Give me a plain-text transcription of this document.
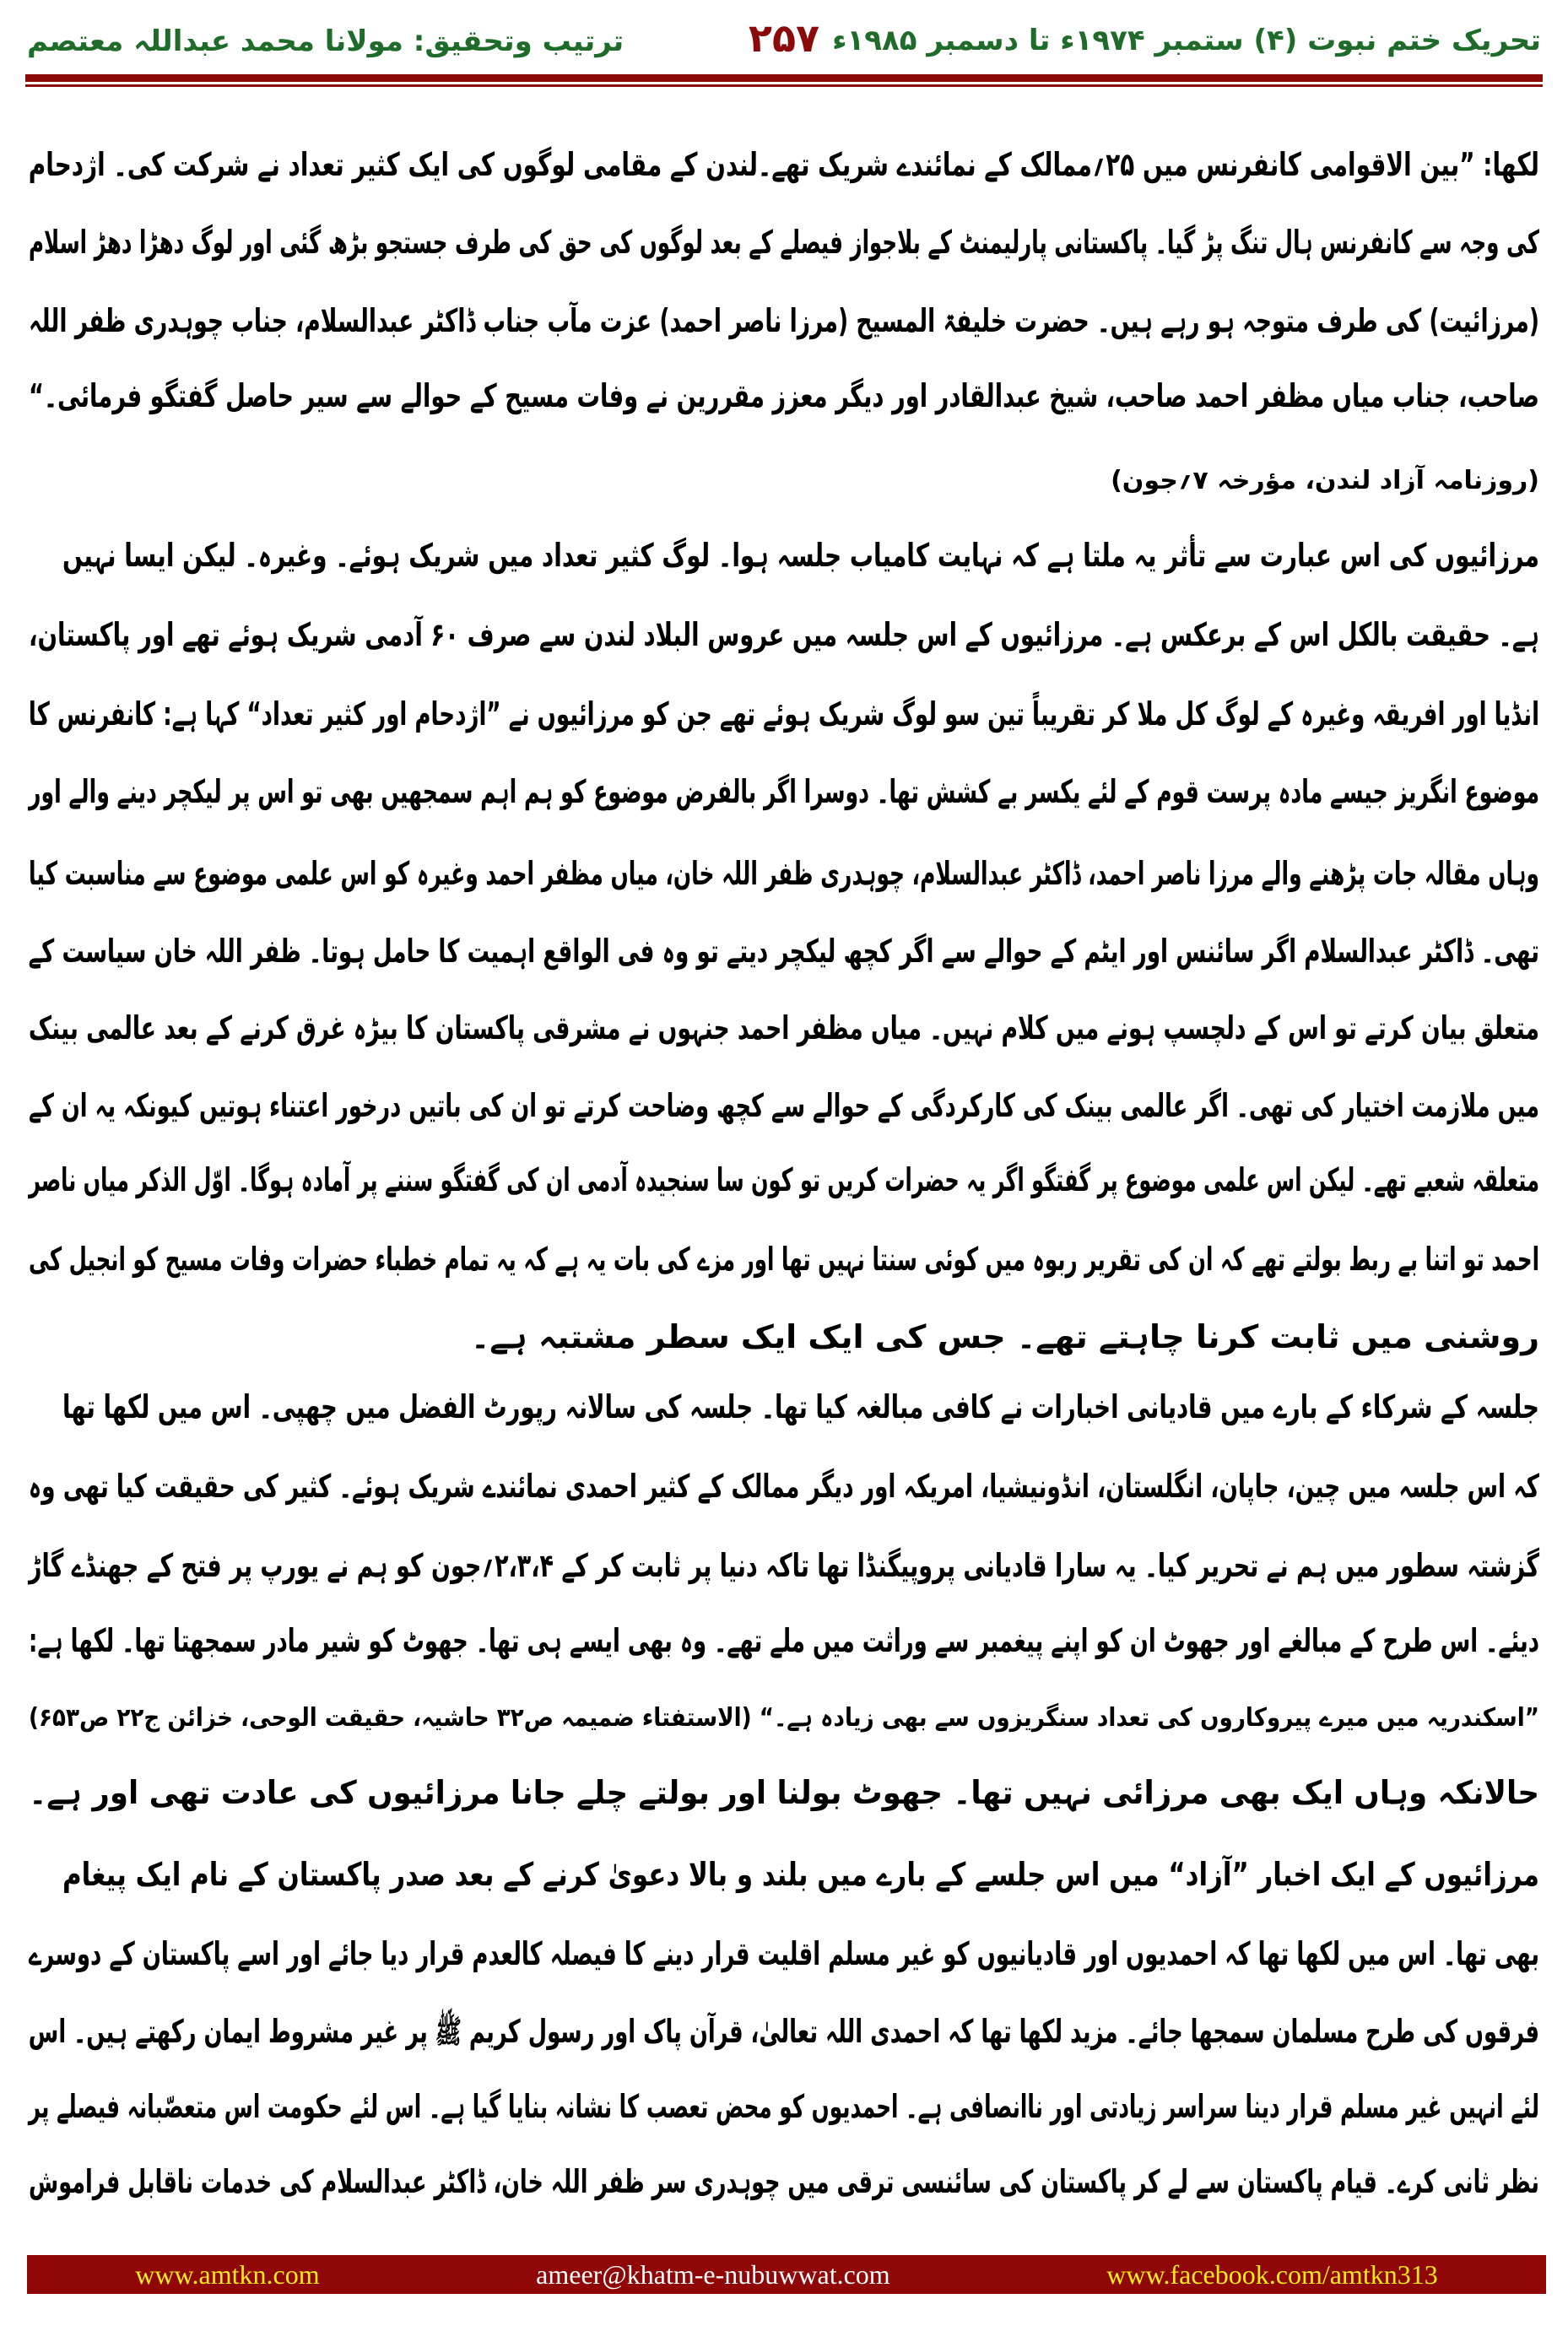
تحریک ختم نبوت (۴) ستمبر ۱۹۷۴ء تا دسمبر ۱۹۸۵ء
۲۵۷
ترتیب وتحقیق: مولانا محمد عبداللہ معتصم
لکھا: ”بین الاقوامی کانفرنس میں ۲۵؍ممالک کے نمائندے شریک تھے۔لندن کے مقامی لوگوں کی ایک کثیر تعداد نے شرکت کی۔ اژدحام
کی وجہ سے کانفرنس ہال تنگ پڑ گیا۔ پاکستانی پارلیمنٹ کے بلاجواز فیصلے کے بعد لوگوں کی حق کی طرف جستجو بڑھ گئی اور لوگ دھڑا دھڑ اسلام
(مرزائیت) کی طرف متوجہ ہو رہے ہیں۔ حضرت خلیفۃ المسیح (مرزا ناصر احمد) عزت مآب جناب ڈاکٹر عبدالسلام، جناب چوہدری ظفر اللہ
صاحب، جناب میاں مظفر احمد صاحب، شیخ عبدالقادر اور دیگر معزز مقررین نے وفات مسیح کے حوالے سے سیر حاصل گفتگو فرمائی۔“
(روزنامہ آزاد لندن، مؤرخہ ۷؍جون)
مرزائیوں کی اس عبارت سے تأثر یہ ملتا ہے کہ نہایت کامیاب جلسہ ہوا۔ لوگ کثیر تعداد میں شریک ہوئے۔ وغیرہ۔ لیکن ایسا نہیں
ہے۔ حقیقت بالکل اس کے برعکس ہے۔ مرزائیوں کے اس جلسہ میں عروس البلاد لندن سے صرف ۶۰ آدمی شریک ہوئے تھے اور پاکستان،
انڈیا اور افریقہ وغیرہ کے لوگ کل ملا کر تقریباً تین سو لوگ شریک ہوئے تھے جن کو مرزائیوں نے ”اژدحام اور کثیر تعداد“ کہا ہے: کانفرنس کا
موضوع انگریز جیسے مادہ پرست قوم کے لئے یکسر بے کشش تھا۔ دوسرا اگر بالفرض موضوع کو ہم اہم سمجھیں بھی تو اس پر لیکچر دینے والے اور
وہاں مقالہ جات پڑھنے والے مرزا ناصر احمد، ڈاکٹر عبدالسلام، چوہدری ظفر اللہ خان، میاں مظفر احمد وغیرہ کو اس علمی موضوع سے مناسبت کیا
تھی۔ ڈاکٹر عبدالسلام اگر سائنس اور ایٹم کے حوالے سے اگر کچھ لیکچر دیتے تو وہ فی الواقع اہمیت کا حامل ہوتا۔ ظفر اللہ خان سیاست کے
متعلق بیان کرتے تو اس کے دلچسپ ہونے میں کلام نہیں۔ میاں مظفر احمد جنہوں نے مشرقی پاکستان کا بیڑہ غرق کرنے کے بعد عالمی بینک
میں ملازمت اختیار کی تھی۔ اگر عالمی بینک کی کارکردگی کے حوالے سے کچھ وضاحت کرتے تو ان کی باتیں درخور اعتناء ہوتیں کیونکہ یہ ان کے
متعلقہ شعبے تھے۔ لیکن اس علمی موضوع پر گفتگو اگر یہ حضرات کریں تو کون سا سنجیدہ آدمی ان کی گفتگو سننے پر آمادہ ہوگا۔ اوّل الذکر میاں ناصر
احمد تو اتنا بے ربط بولتے تھے کہ ان کی تقریر ربوہ میں کوئی سنتا نہیں تھا اور مزے کی بات یہ ہے کہ یہ تمام خطباء حضرات وفات مسیح کو انجیل کی
روشنی میں ثابت کرنا چاہتے تھے۔ جس کی ایک ایک سطر مشتبہ ہے۔
جلسہ کے شرکاء کے بارے میں قادیانی اخبارات نے کافی مبالغہ کیا تھا۔ جلسہ کی سالانہ رپورٹ الفضل میں چھپی۔ اس میں لکھا تھا
کہ اس جلسہ میں چین، جاپان، انگلستان، انڈونیشیا، امریکہ اور دیگر ممالک کے کثیر احمدی نمائندے شریک ہوئے۔ کثیر کی حقیقت کیا تھی وہ
گزشتہ سطور میں ہم نے تحریر کیا۔ یہ سارا قادیانی پروپیگنڈا تھا تاکہ دنیا پر ثابت کر کے ۲،۳،۴؍جون کو ہم نے یورپ پر فتح کے جھنڈے گاڑ
دیئے۔ اس طرح کے مبالغے اور جھوٹ ان کو اپنے پیغمبر سے وراثت میں ملے تھے۔ وہ بھی ایسے ہی تھا۔ جھوٹ کو شیر مادر سمجھتا تھا۔ لکھا ہے:
”اسکندریہ میں میرے پیروکاروں کی تعداد سنگریزوں سے بھی زیادہ ہے۔“ (الاستفتاء ضمیمہ ص۳۲ حاشیہ، حقیقت الوحی، خزائن ج۲۲ ص۶۵۳)
حالانکہ وہاں ایک بھی مرزائی نہیں تھا۔ جھوٹ بولنا اور بولتے چلے جانا مرزائیوں کی عادت تھی اور ہے۔
مرزائیوں کے ایک اخبار ”آزاد“ میں اس جلسے کے بارے میں بلند و بالا دعویٰ کرنے کے بعد صدر پاکستان کے نام ایک پیغام
بھی تھا۔ اس میں لکھا تھا کہ احمدیوں اور قادیانیوں کو غیر مسلم اقلیت قرار دینے کا فیصلہ کالعدم قرار دیا جائے اور اسے پاکستان کے دوسرے
فرقوں کی طرح مسلمان سمجھا جائے۔ مزید لکھا تھا کہ احمدی اللہ تعالیٰ، قرآن پاک اور رسول کریم ﷺ پر غیر مشروط ایمان رکھتے ہیں۔ اس
لئے انہیں غیر مسلم قرار دینا سراسر زیادتی اور ناانصافی ہے۔ احمدیوں کو محض تعصب کا نشانہ بنایا گیا ہے۔ اس لئے حکومت اس متعصّبانہ فیصلے پر
نظر ثانی کرے۔ قیام پاکستان سے لے کر پاکستان کی سائنسی ترقی میں چوہدری سر ظفر اللہ خان، ڈاکٹر عبدالسلام کی خدمات ناقابل فراموش
www.amtkn.com	ameer@khatm-e-nubuwwat.com	www.facebook.com/amtkn313
